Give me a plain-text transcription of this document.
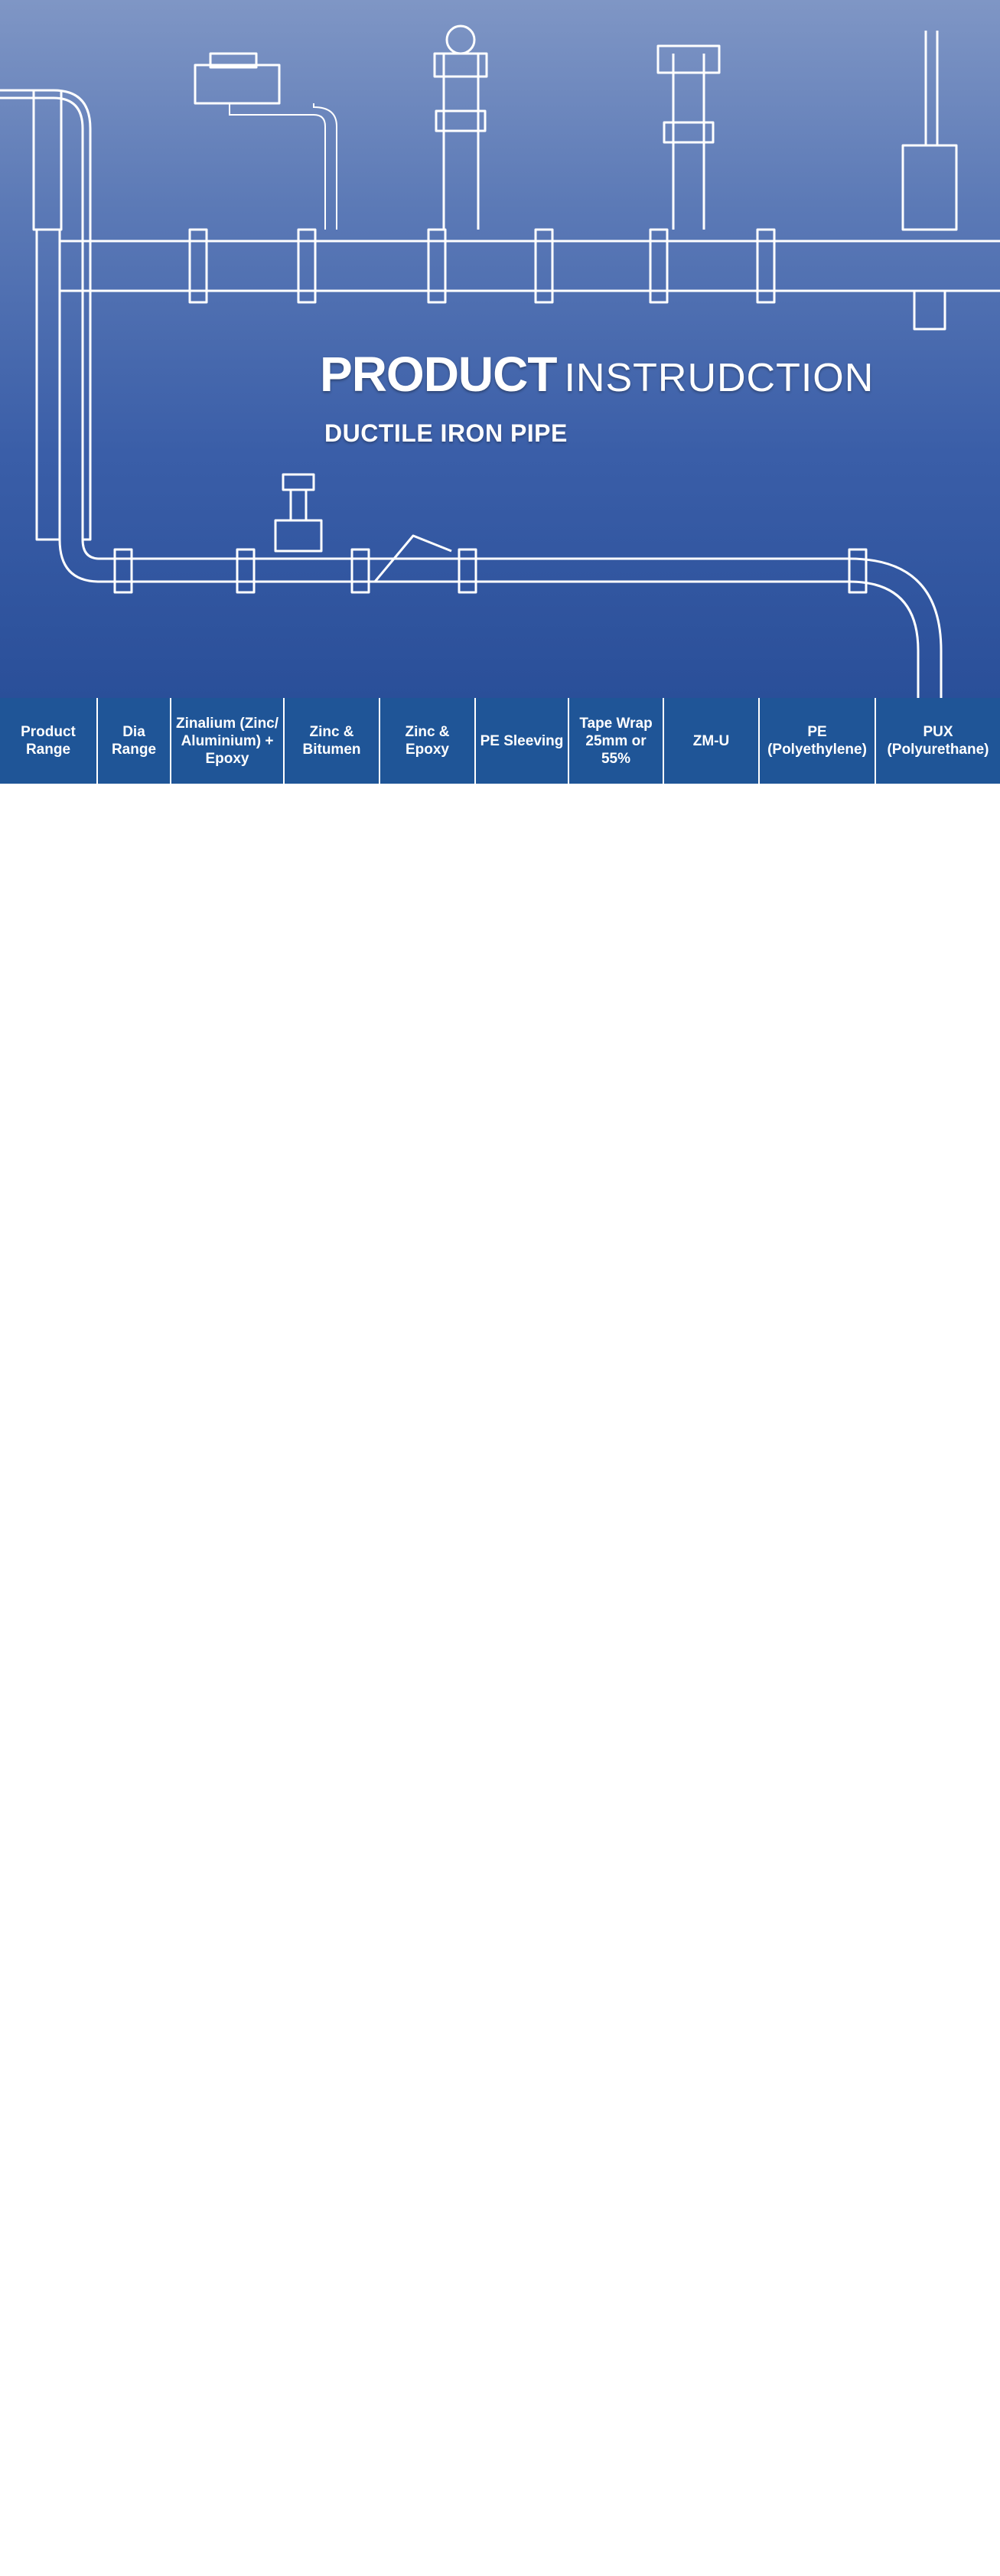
PRODUCT INSTRUDCTION
DUCTILE IRON PIPE
Product Range
Dia Range
Zinalium (Zinc/ Aluminium) + Epoxy
Zinc & Bitumen
Zinc & Epoxy
PE Sleeving
Tape Wrap 25mm or 55%
ZM-U
PE (Polyethylene)
PUX (Polyurethane)
